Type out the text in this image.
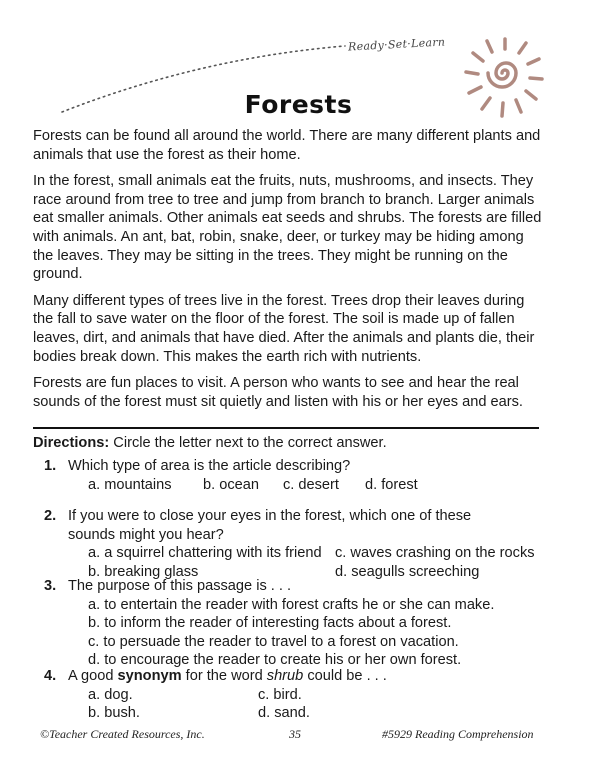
Ready·Set·Learn
Forests

Forests can be found all around the world. There are many different plants and animals that use the forest as their home.

In the forest, small animals eat the fruits, nuts, mushrooms, and insects. They race around from tree to tree and jump from branch to branch. Larger animals eat smaller animals. Other animals eat seeds and shrubs. The forests are filled with animals. An ant, bat, robin, snake, deer, or turkey may be hiding among the leaves. They may be sitting in the trees. They might be running on the ground.

Many different types of trees live in the forest. Trees drop their leaves during the fall to save water on the floor of the forest. The soil is made up of fallen leaves, dirt, and animals that have died. After the animals and plants die, their bodies break down. This makes the earth rich with nutrients.

Forests are fun places to visit. A person who wants to see and hear the real sounds of the forest must sit quietly and listen with his or her eyes and ears.

Directions: Circle the letter next to the correct answer.
1. Which type of area is the article describing?
a. mountains b. ocean c. desert d. forest
2. If you were to close your eyes in the forest, which one of these
sounds might you hear?
a. a squirrel chattering with its friend c. waves crashing on the rocks
b. breaking glass	d. seagulls screeching
3. The purpose of this passage is . . .
a. to entertain the reader with forest crafts he or she can make.
b. to inform the reader of interesting facts about a forest.
c. to persuade the reader to travel to a forest on vacation.
d. to encourage the reader to create his or her own forest.
4. A good synonym for the word shrub could be . . .
a. dog.	c. bird.
b. bush.	d. sand.
©Teacher Created Resources, Inc.	35	#5929 Reading Comprehension
